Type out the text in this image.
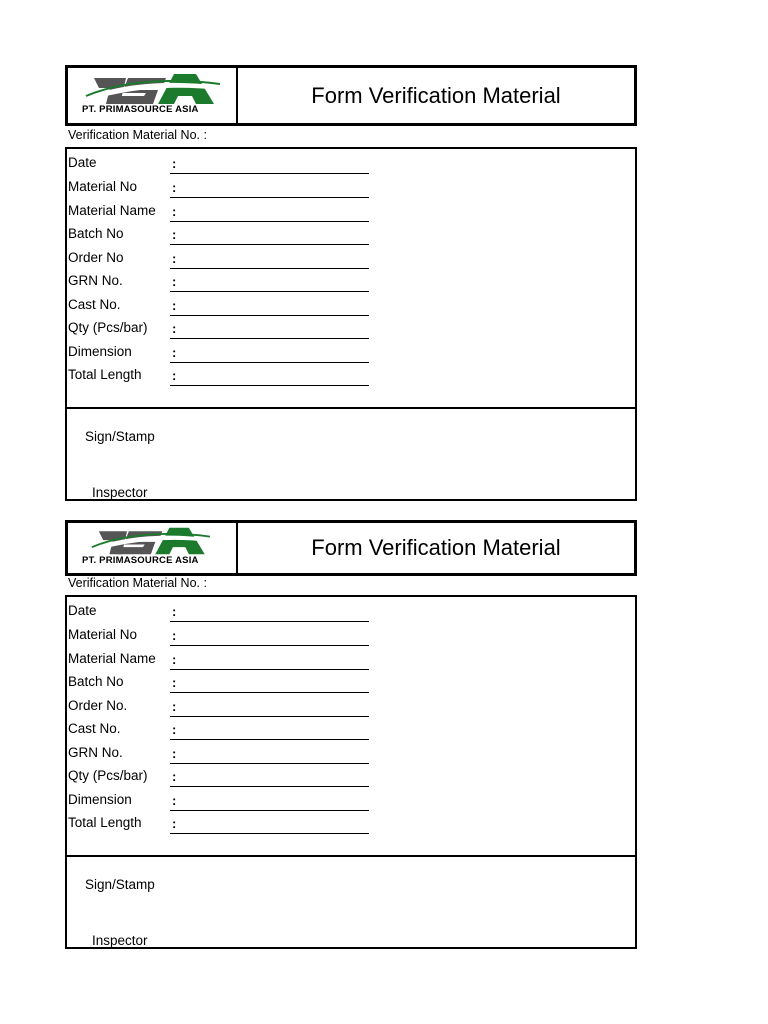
PT. PRIMASOURCE ASIA
Form Verification Material
Verification Material No. :
Date	:
Material No	:
Material Name :
Batch No	:
Order No	:
GRN No.	:
Cast No.	:
Qty (Pcs/bar) :
Dimension	:
Total Length :
Sign/Stamp
Inspector
PT. PRIMASOURCE ASIA
Form Verification Material
Verification Material No. :
Date	:
Material No	:
Material Name :
Batch No	:
Order No.	:
Cast No.	:
GRN No.	:
Qty (Pcs/bar) :
Dimension	:
Total Length :
Sign/Stamp
Inspector
